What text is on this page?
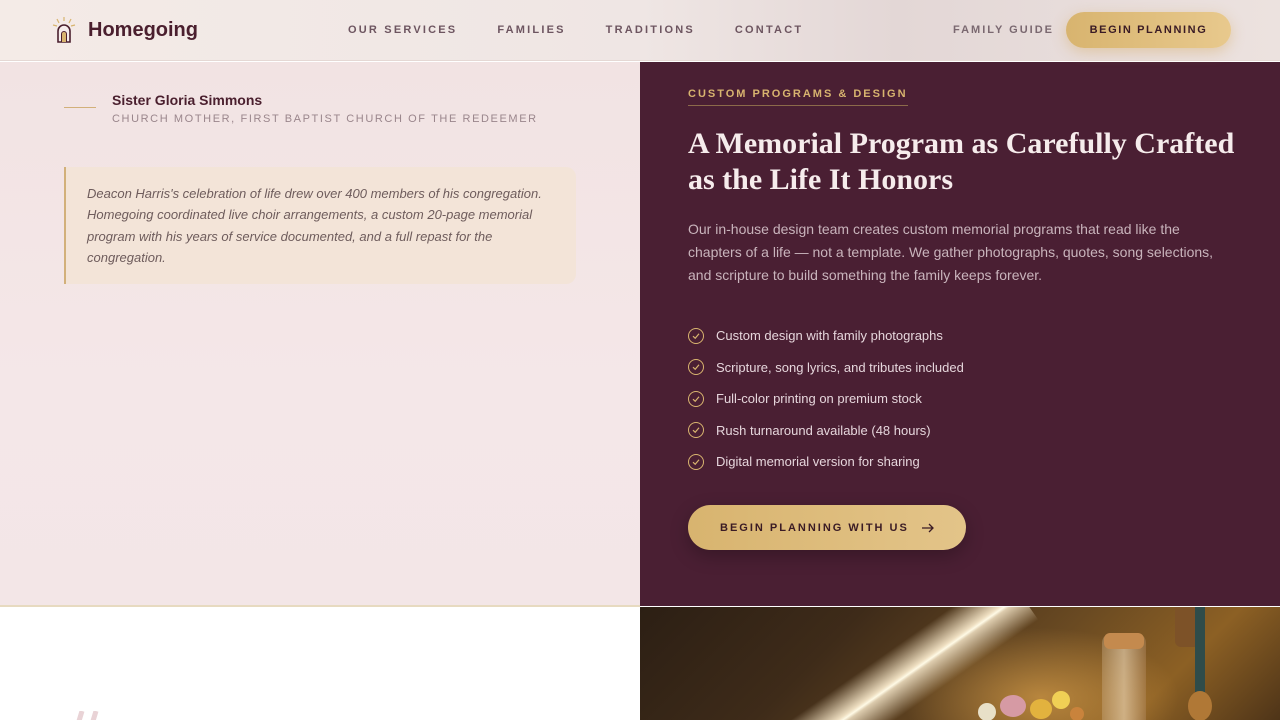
Homegoing	OUR SERVICES	FAMILIES	TRADITIONS	CONTACT	FAMILY GUIDE	BEGIN PLANNING
Sister Gloria Simmons
CHURCH MOTHER, FIRST BAPTIST CHURCH OF THE REDEEMER

Deacon Harris's celebration of life drew over 400 members of his congregation. Homegoing coordinated live choir arrangements, a custom 20-page memorial program with his years of service documented, and a full repast for the congregation.

CUSTOM PROGRAMS & DESIGN
A Memorial Program as Carefully Crafted as the Life It Honors

Our in-house design team creates custom memorial programs that read like the chapters of a life — not a template. We gather photographs, quotes, song selections, and scripture to build something the family keeps forever.

Custom design with family photographs
Scripture, song lyrics, and tributes included
Full-color printing on premium stock
Rush turnaround available (48 hours)
Digital memorial version for sharing
BEGIN PLANNING WITH US
